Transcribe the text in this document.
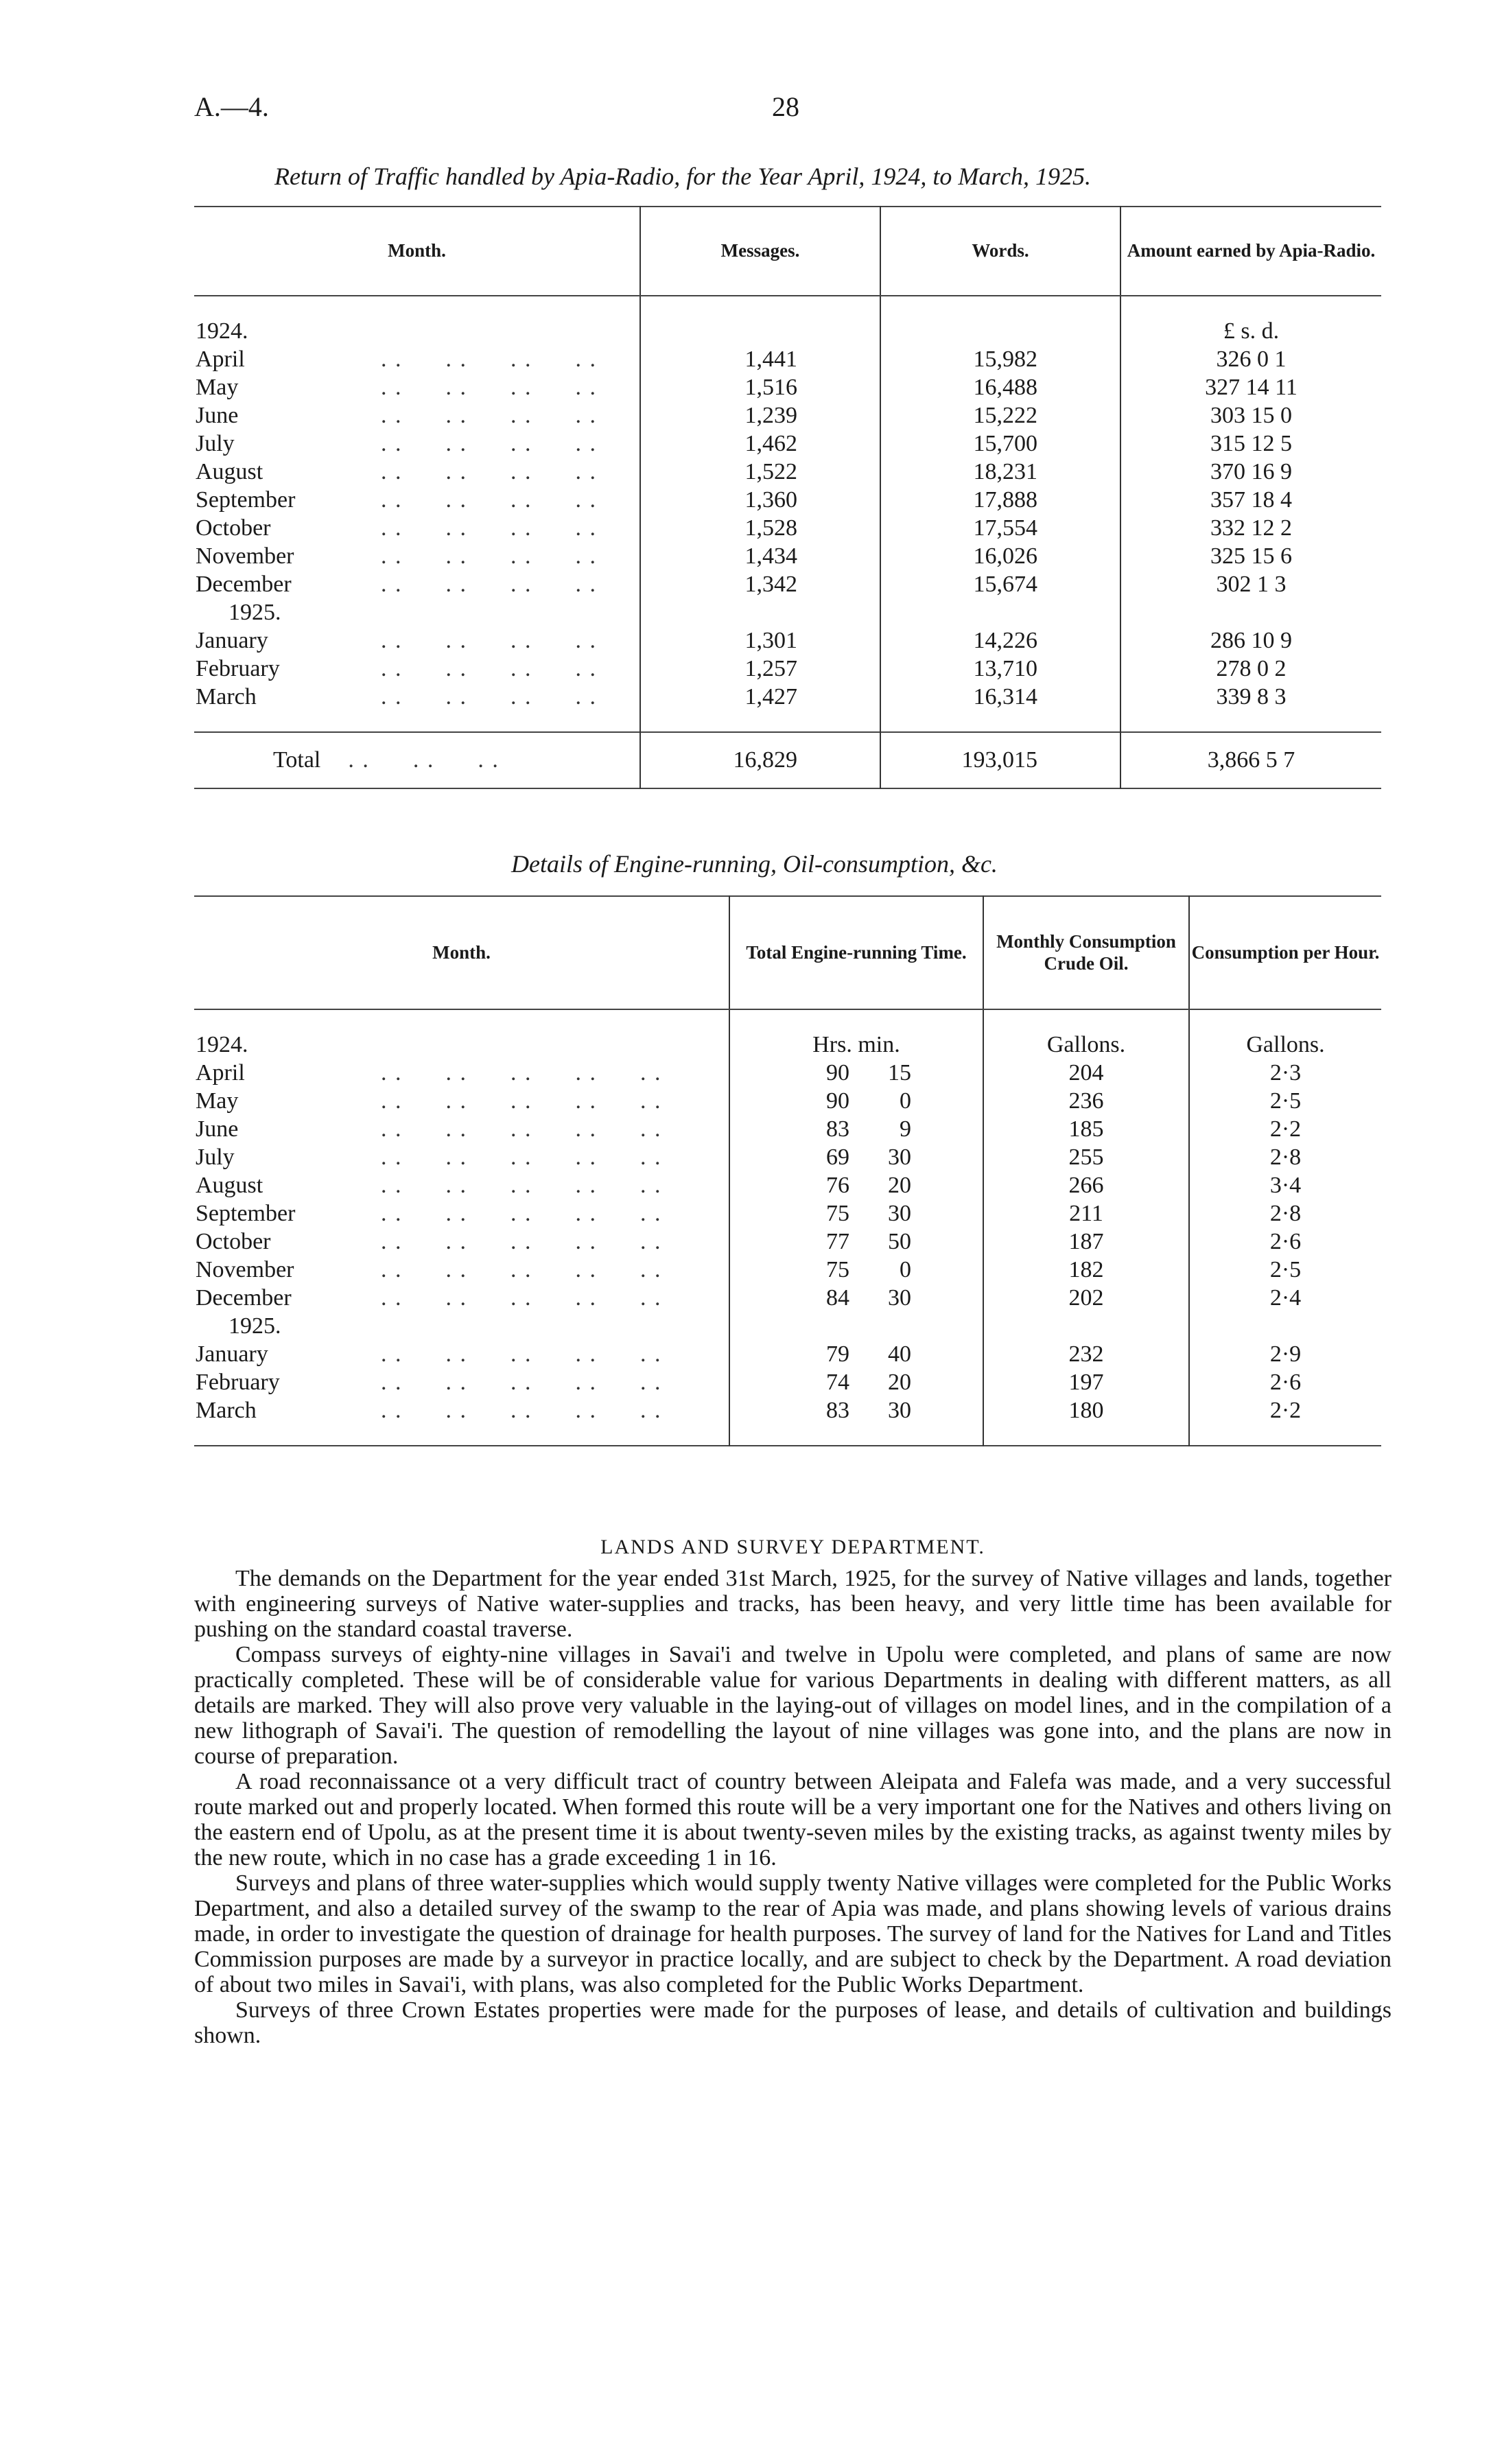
A.—4.	28
Return of Traffic handled by Apia-Radio, for the Year April, 1924, to March, 1925.
Month.	Messages.	Words.	Amount earned by Apia-Radio.

1924.			£ s. d.
April . .      . .      . .      . .	1,441	15,982	326 0 1
May . .      . .      . .      . .	1,516	16,488	327 14 11
June . .      . .      . .      . .	1,239	15,222	303 15 0
July . .      . .      . .      . .	1,462	15,700	315 12 5
August . .      . .      . .      . .	1,522	18,231	370 16 9
September . .      . .      . .      . .	1,360	17,888	357 18 4
October . .      . .      . .      . .	1,528	17,554	332 12 2
November . .      . .      . .      . .	1,434	16,026	325 15 6
December . .      . .      . .      . .	1,342	15,674	302 1 3
1925.			
January . .      . .      . .      . .	1,301	14,226	286 10 9
February . .      . .      . .      . .	1,257	13,710	278 0 2
March . .      . .      . .      . .	1,427	16,314	339 8 3

Total . .      . .      . .	16,829	193,015	3,866 5 7
Details of Engine-running, Oil-consumption, &c.
Month.	Total Engine-running Time.	Monthly Consumption Crude Oil.	Consumption per Hour.

1924.	Hrs. min.	Gallons.	Gallons.
April . .      . .      . .      . .      . .	90 15	204	2·3
May . .      . .      . .      . .      . .	90 0	236	2·5
June . .      . .      . .      . .      . .	83 9	185	2·2
July . .      . .      . .      . .      . .	69 30	255	2·8
August . .      . .      . .      . .      . .	76 20	266	3·4
September . .      . .      . .      . .      . .	75 30	211	2·8
October . .      . .      . .      . .      . .	77 50	187	2·6
November . .      . .      . .      . .      . .	75 0	182	2·5
December . .      . .      . .      . .      . .	84 30	202	2·4
1925.			
January . .      . .      . .      . .      . .	79 40	232	2·9
February . .      . .      . .      . .      . .	74 20	197	2·6
March . .      . .      . .      . .      . .	83 30	180	2·2

LANDS AND SURVEY DEPARTMENT.

The demands on the Department for the year ended 31st March, 1925, for the survey of Native villages and lands, together with engineering surveys of Native water-supplies and tracks, has been heavy, and very little time has been available for pushing on the standard coastal traverse.

Compass surveys of eighty-nine villages in Savai'i and twelve in Upolu were completed, and plans of same are now practically completed. These will be of considerable value for various Departments in dealing with different matters, as all details are marked. They will also prove very valuable in the laying-out of villages on model lines, and in the compilation of a new lithograph of Savai'i. The question of remodelling the layout of nine villages was gone into, and the plans are now in course of preparation.

A road reconnaissance ot a very difficult tract of country between Aleipata and Falefa was made, and a very successful route marked out and properly located. When formed this route will be a very important one for the Natives and others living on the eastern end of Upolu, as at the present time it is about twenty-seven miles by the existing tracks, as against twenty miles by the new route, which in no case has a grade exceeding 1 in 16.

Surveys and plans of three water-supplies which would supply twenty Native villages were completed for the Public Works Department, and also a detailed survey of the swamp to the rear of Apia was made, and plans showing levels of various drains made, in order to investigate the question of drainage for health purposes. The survey of land for the Natives for Land and Titles Commission purposes are made by a surveyor in practice locally, and are subject to check by the Department. A road deviation of about two miles in Savai'i, with plans, was also completed for the Public Works Department.

Surveys of three Crown Estates properties were made for the purposes of lease, and details of cultivation and buildings shown.
